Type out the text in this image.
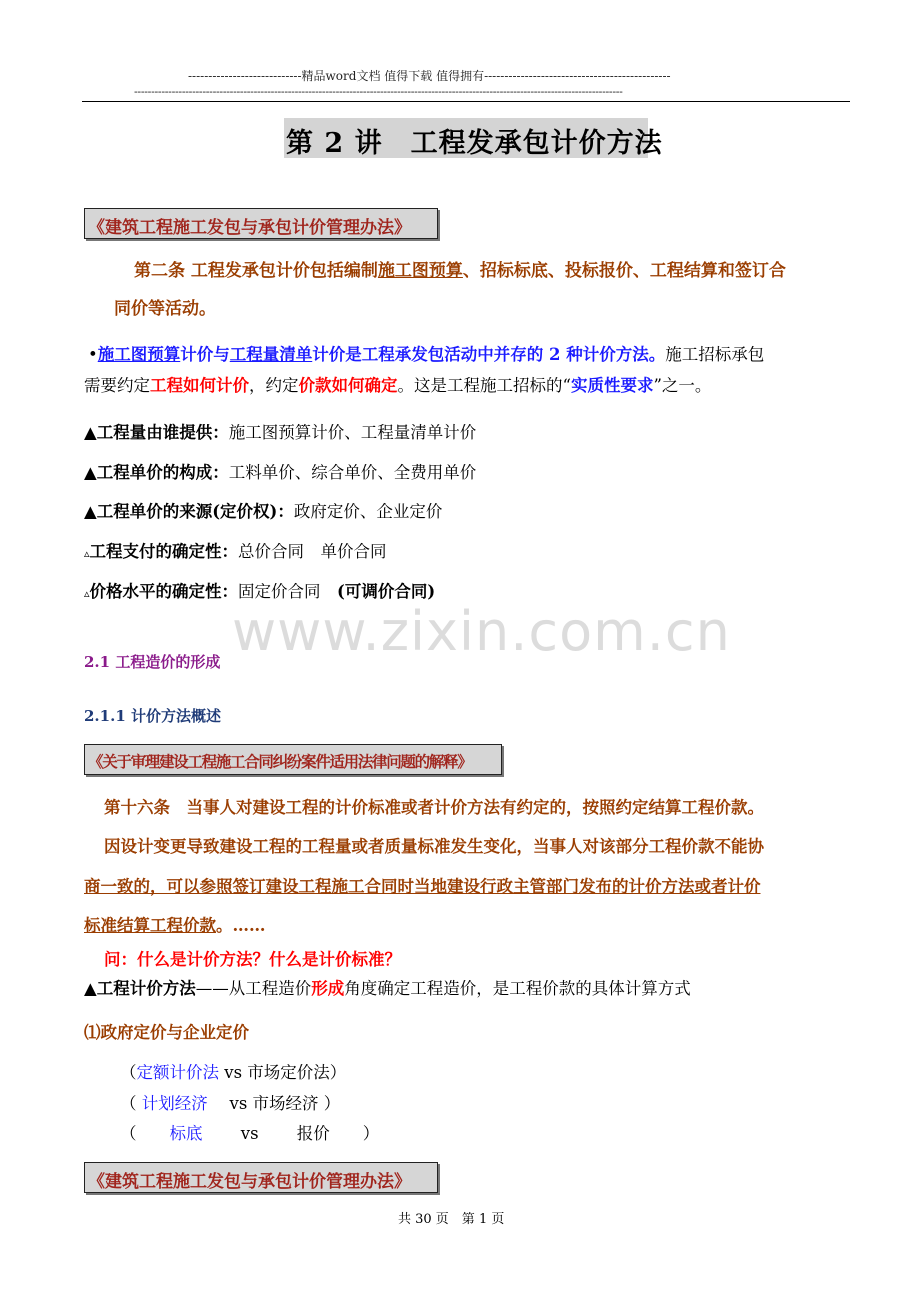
----------------------------精品word文档 值得下载 值得拥有----------------------------------------------
-----------------------------------------------------------------------------------------------------------------------------------------------
第 2 讲　工程发承包计价方法
《建筑工程施工发包与承包计价管理办法》
第二条 工程发承包计价包括编制施工图预算、招标标底、投标报价、工程结算和签订合
同价等活动。
•施工图预算计价与工程量清单计价是工程承发包活动中并存的 2 种计价方法。施工招标承包
需要约定工程如何计价，约定价款如何确定。这是工程施工招标的“实质性要求”之一。
▲工程量由谁提供：施工图预算计价、工程量清单计价
▲工程单价的构成：工料单价、综合单价、全费用单价
▲工程单价的来源(定价权)：政府定价、企业定价
▵工程支付的确定性：总价合同　单价合同
▵价格水平的确定性：固定价合同　(可调价合同)
www.zixin.com.cn
2.1 工程造价的形成
2.1.1 计价方法概述
《关于审理建设工程施工合同纠纷案件适用法律问题的解释》
第十六条　当事人对建设工程的计价标准或者计价方法有约定的，按照约定结算工程价款。
因设计变更导致建设工程的工程量或者质量标准发生变化，当事人对该部分工程价款不能协
商一致的，可以参照签订建设工程施工合同时当地建设行政主管部门发布的计价方法或者计价
标准结算工程价款。……
问：什么是计价方法？什么是计价标准？
▲工程计价方法——从工程造价形成角度确定工程造价，是工程价款的具体计算方式
⑴政府定价与企业定价
（定额计价法 vs 市场定价法）
（ 计划经济　 vs 市场经济 ）
（　　标底　　 vs 　　报价　　）
《建筑工程施工发包与承包计价管理办法》
共 30 页　第 1 页
